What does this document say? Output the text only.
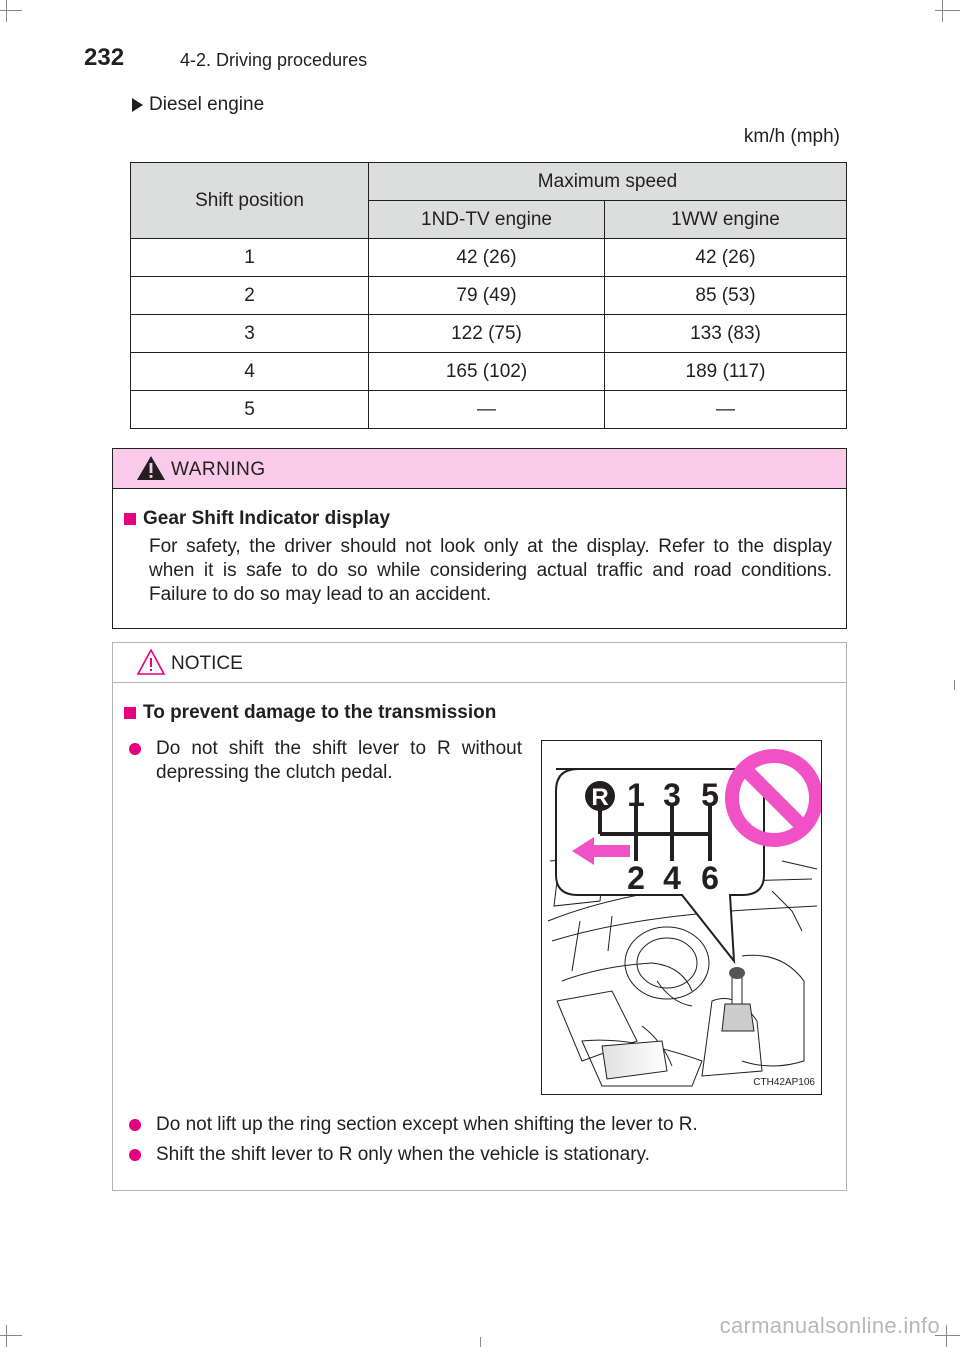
232	4-2. Driving procedures
Diesel engine
km/h (mph)
Shift position	Maximum speed	
	1ND-TV engine	1WW engine
1	42 (26)	42 (26)
2	79 (49)	85 (53)
3	122 (75)	133 (83)
4	165 (102)	189 (117)
5	—	—
WARNING
Gear Shift Indicator display
For safety, the driver should not look only at the display. Refer to the display when it is safe to do so while considering actual traffic and road conditions. Failure to do so may lead to an accident.
NOTICE
To prevent damage to the transmission
Do not shift the shift lever to R without depressing the clutch pedal.
Do not lift up the ring section except when shifting the lever to R.
Shift the shift lever to R only when the vehicle is stationary.
R 1 3 5
2 4 6
CTH42AP106
carmanualsonline.info
